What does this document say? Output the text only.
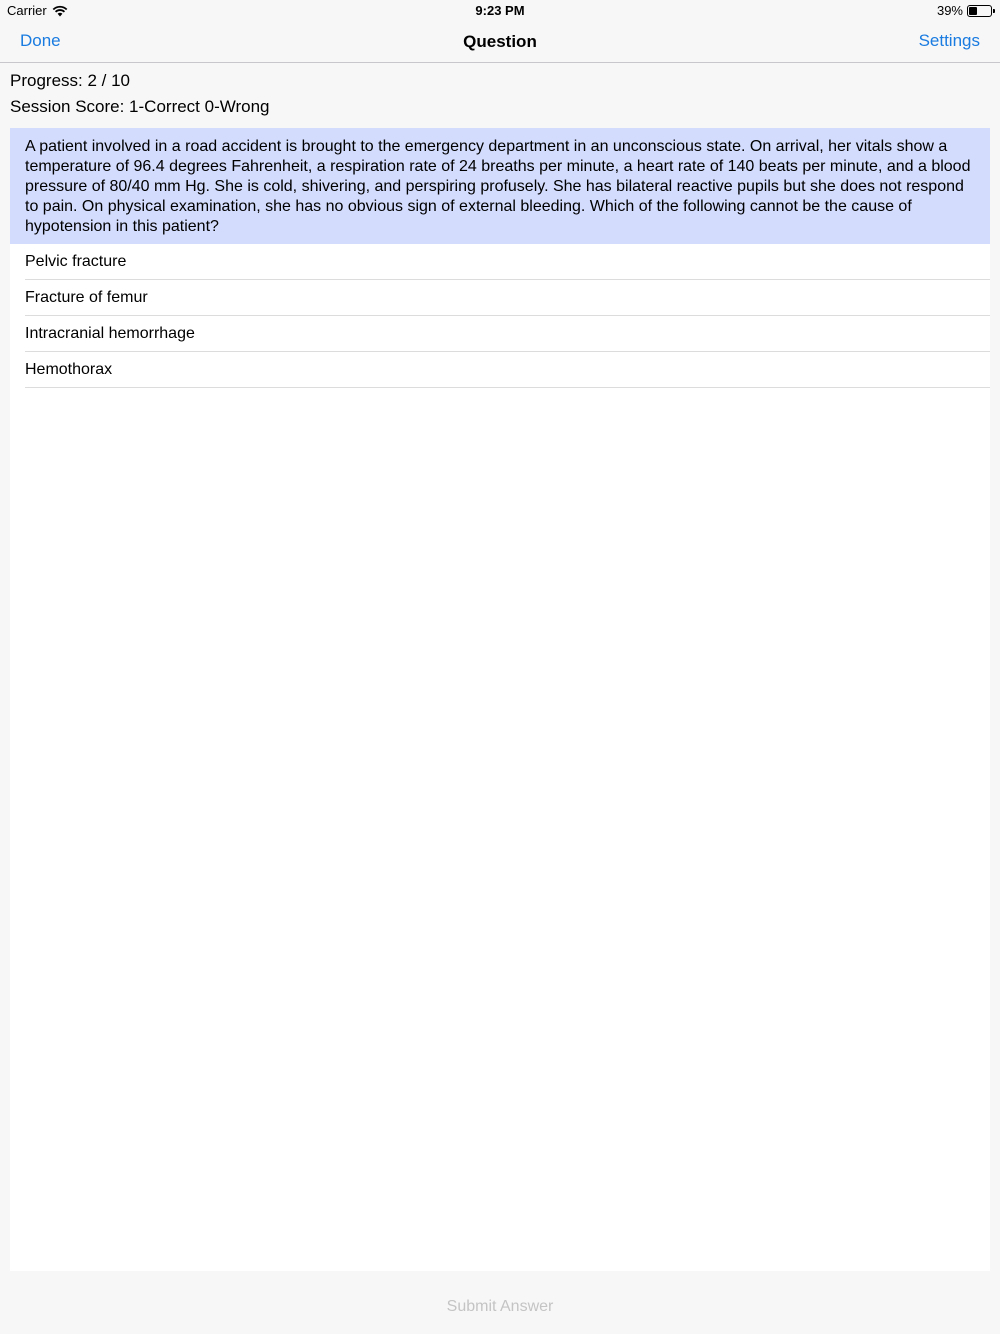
Carrier	9:23 PM	39%
Done	Question	Settings
Progress: 2 / 10
Session Score: 1-Correct 0-Wrong
A patient involved in a road accident is brought to the emergency department in an unconscious state. On arrival, her vitals show a temperature of 96.4 degrees Fahrenheit, a respiration rate of 24 breaths per minute, a heart rate of 140 beats per minute, and a blood pressure of 80/40 mm Hg. She is cold, shivering, and perspiring profusely. She has bilateral reactive pupils but she does not respond to pain. On physical examination, she has no obvious sign of external bleeding. Which of the following cannot be the cause of hypotension in this patient?
Pelvic fracture
Fracture of femur
Intracranial hemorrhage
Hemothorax
Submit Answer
